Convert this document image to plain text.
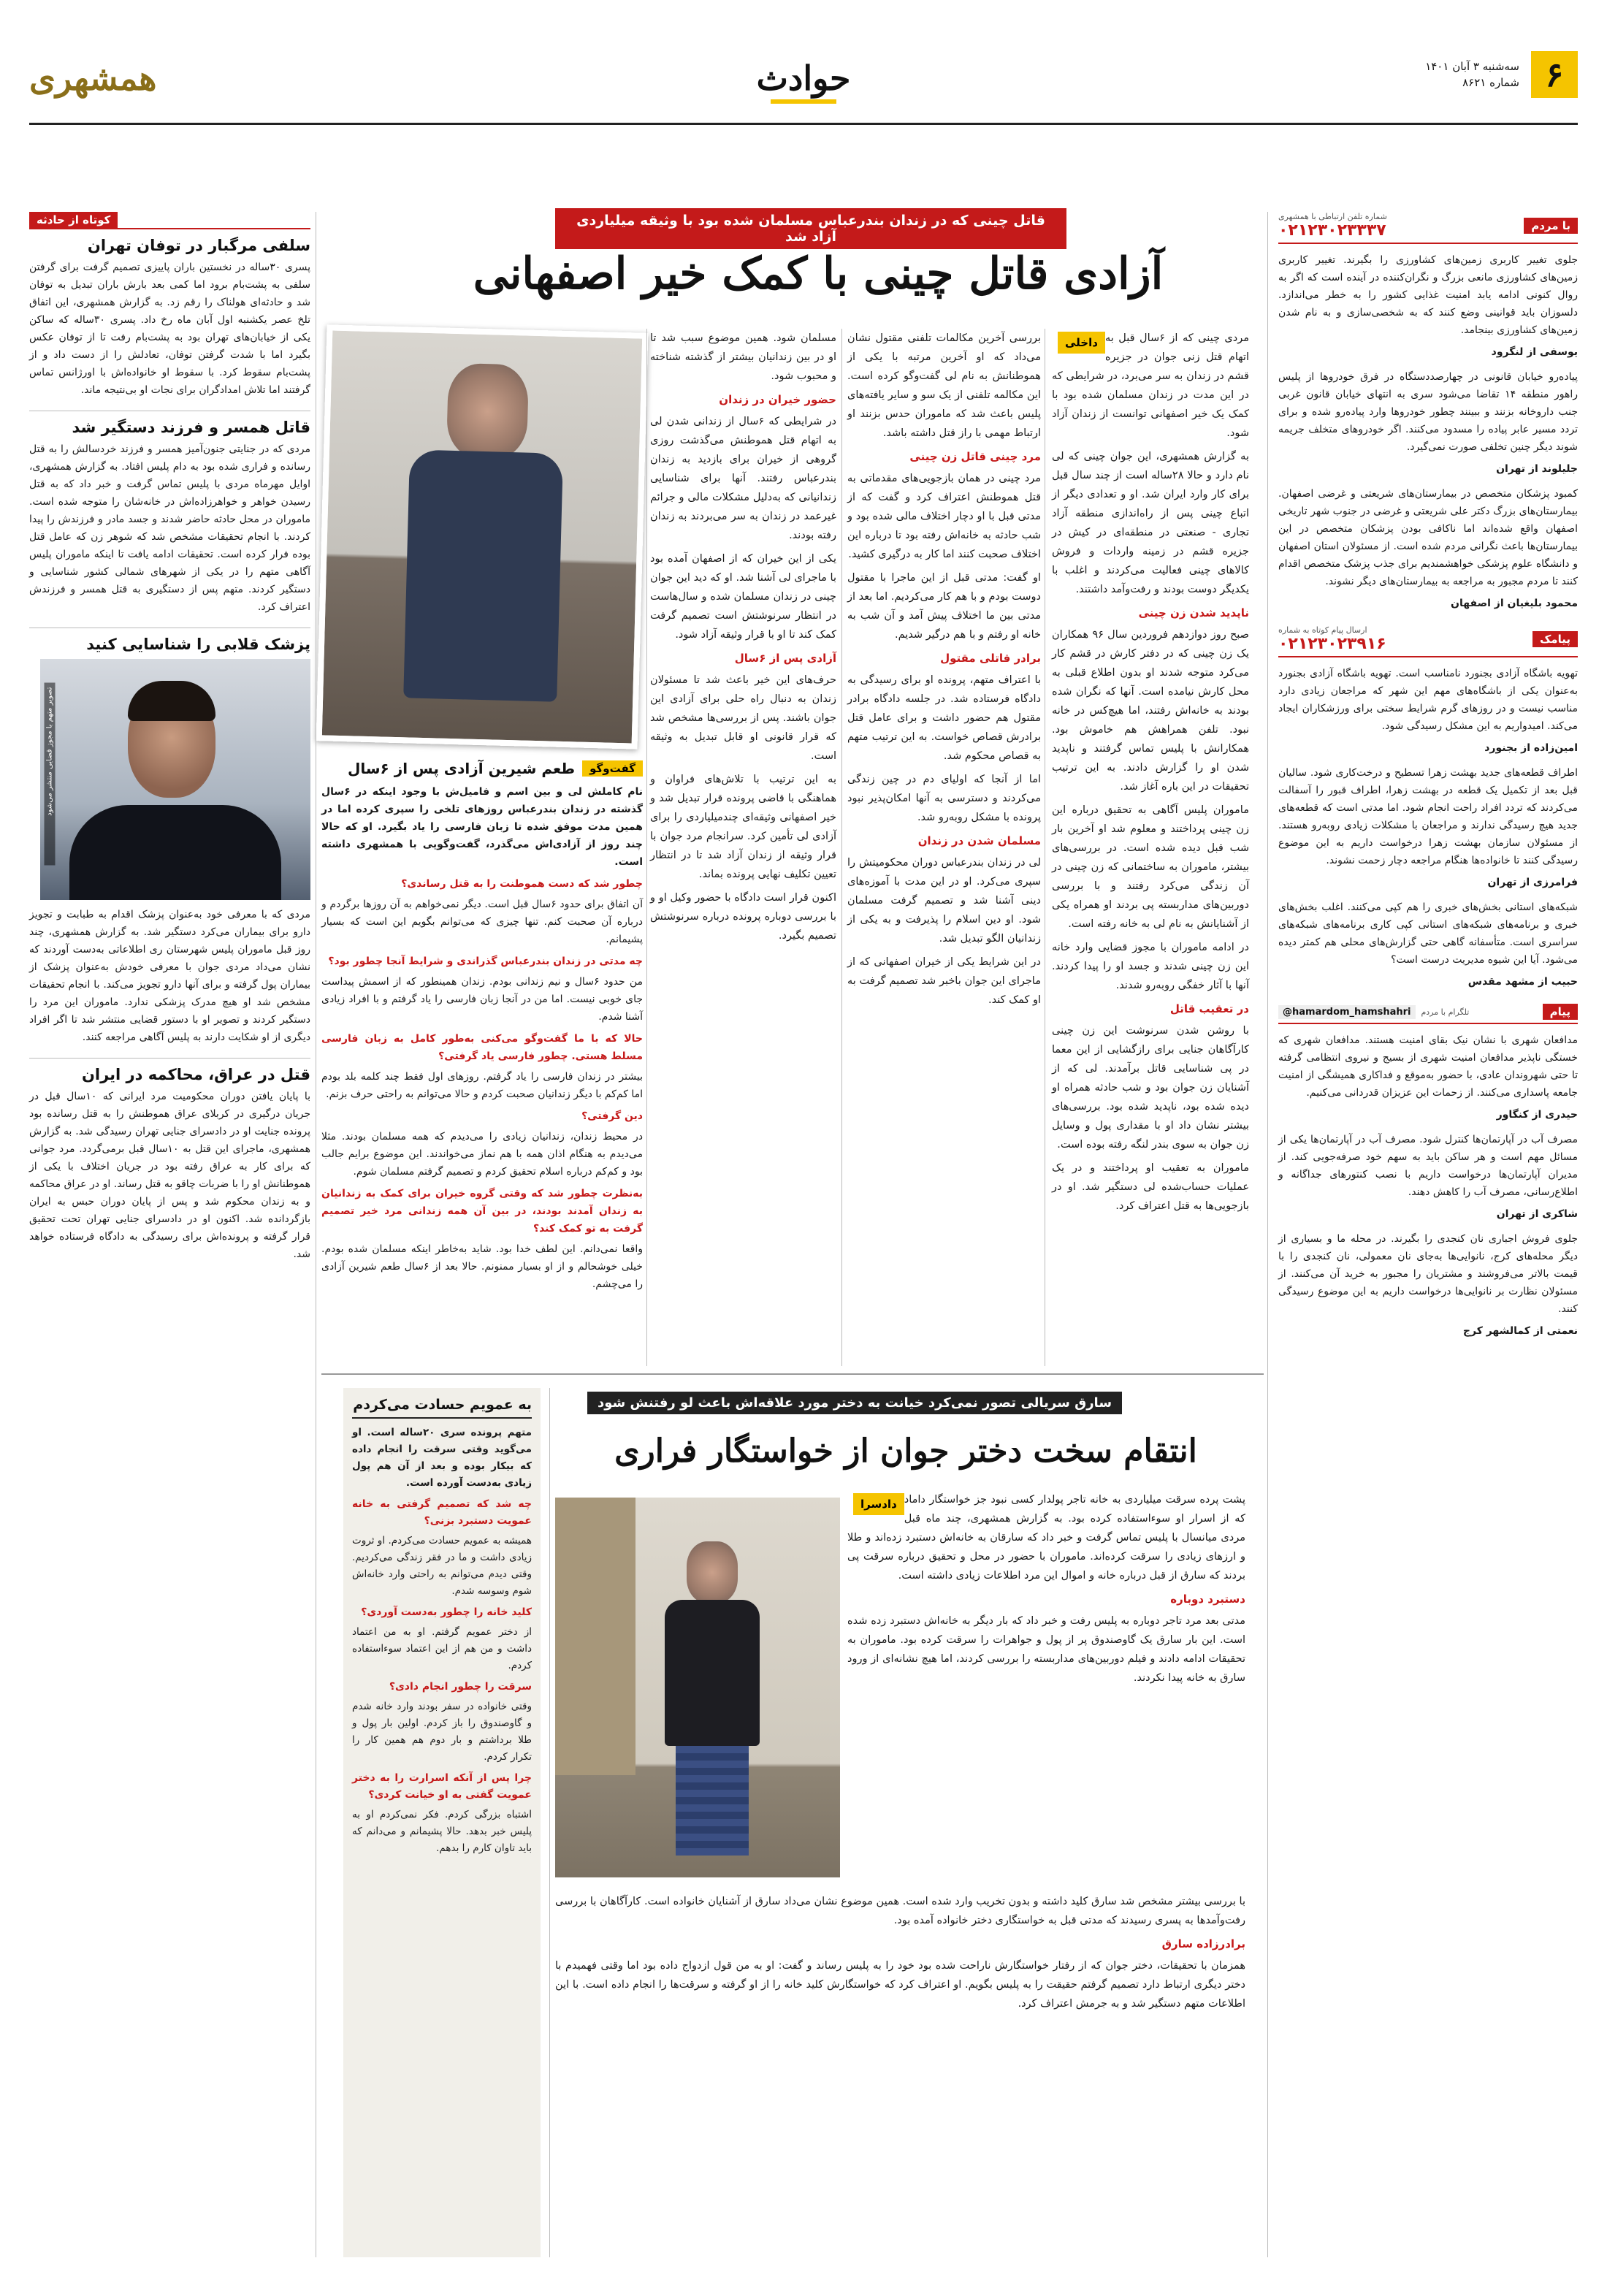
۶
سه‌شنبه ۳ آبان ۱۴۰۱
شماره ۸۶۲۱
حوادث
همشهری
با مردم
شماره تلفن ارتباطی با همشهری
۰۲۱۲۳۰۲۳۳۳۷

جلوی تغییر کاربری زمین‌های کشاورزی را بگیرند. تغییر کاربری زمین‌های کشاورزی مانعی بزرگ و نگران‌کننده در آینده است که اگر به روال کنونی ادامه یابد امنیت غذایی کشور را به خطر می‌اندازد. دلسوزان باید قوانینی وضع کنند که به شخصی‌سازی و به نام شدن زمین‌های کشاورزی بینجامد.

یوسفی از لنگرود

پیاده‌رو خیابان قانونی در چهارصددستگاه در فرق خودروها از پلیس راهور منطقه ۱۴ تقاضا می‌شود سری به انتهای خیابان قانون غربی جنب دارو‌خانه بزنند و ببینند چطور خودروها وارد پیاده‌رو شده و برای تردد مسیر عابر پیاده را مسدود می‌کنند. اگر خودروهای متخلف جریمه شوند دیگر چنین تخلفی صورت نمی‌گیرد.

جلیلوند از تهران

کمبود پزشکان متخصص در بیمارستان‌های شریعتی و غرضی اصفهان. بیمارستان‌های بزرگ دکتر علی شریعتی و غرضی در جنوب شهر تاریخی اصفهان واقع شده‌اند اما ناکافی بودن پزشکان متخصص در این بیمارستان‌ها باعث نگرانی مردم شده است. از مسئولان استان اصفهان و دانشگاه علوم پزشکی خواهشمندیم برای جذب پزشک متخصص اقدام کنند تا مردم مجبور به مراجعه به بیمارستان‌های دیگر نشوند.

محمود بلیغیان از اصفهان
پیامک
ارسال پیام کوتاه به شماره
۰۲۱۲۳۰۲۳۹۱۶

تهویه باشگاه آزادی بجنورد نامناسب است. تهویه باشگاه آزادی بجنورد به‌عنوان یکی از باشگاه‌های مهم این شهر که مراجعان زیادی دارد مناسب نیست و در روزهای گرم شرایط سختی برای ورزشکاران ایجاد می‌کند. امیدواریم به این مشکل رسیدگی شود.

امین‌زاده از بجنورد

اطراف قطعه‌های جدید بهشت زهرا تسطیح و درخت‌کاری شود. سالیان قبل بعد از تکمیل یک قطعه در بهشت زهرا، اطراف قبور را آسفالت می‌کردند که تردد افراد راحت انجام شود. اما مدتی است که قطعه‌های جدید هیچ رسیدگی ندارند و مراجعان با مشکلات زیادی روبه‌رو هستند. از مسئولان سازمان بهشت زهرا درخواست داریم به این موضوع رسیدگی کنند تا خانواده‌ها هنگام مراجعه دچار زحمت نشوند.

فرامرزی از تهران

شبکه‌های استانی بخش‌های خبری را هم کپی می‌کنند. اغلب بخش‌های خبری و برنامه‌های شبکه‌های استانی کپی کاری برنامه‌های شبکه‌های سراسری است. متأسفانه گاهی حتی گزارش‌های محلی هم کمتر دیده می‌شود. آیا این شیوه مدیریت درست است؟

حبیب از مشهد مقدس
پیام
تلگرام با مردم
@hamardom_hamshahri

مدافعان شهری با نشان نیک بقای امنیت هستند. مدافعان شهری که خستگی ناپذیر مدافعان امنیت شهری از بسیج و نیروی انتظامی گرفته تا حتی شهروندان عادی، با حضور به‌موقع و فداکاری همیشگی از امنیت جامعه پاسداری می‌کنند. از زحمات این عزیزان قدردانی می‌کنیم.

حیدری از کنگاور

مصرف آب در آپارتمان‌ها کنترل شود. مصرف آب در آپارتمان‌ها یکی از مسائل مهم است و هر ساکن باید به سهم خود صرفه‌جویی کند. از مدیران آپارتمان‌ها درخواست داریم با نصب کنتورهای جداگانه و اطلاع‌رسانی، مصرف آب را کاهش دهند.

شاکری از تهران

جلوی فروش اجباری نان کنجدی را بگیرند. در محله ما و بسیاری از دیگر محله‌های کرج، نانوایی‌ها به‌جای نان معمولی، نان کنجدی را با قیمت بالاتر می‌فروشند و مشتریان را مجبور به خرید آن می‌کنند. از مسئولان نظارت بر نانوایی‌ها درخواست داریم به این موضوع رسیدگی کنند.

نعمتی از کمالشهر کرج
قاتل چینی که در زندان بندرعباس مسلمان شده بود با وثیقه میلیاردی آزاد شد
آزادی قاتل چینی با کمک خیر اصفهانی
داخلی مردی چینی که از ۶سال قبل به اتهام قتل زنی جوان در جزیره قشم در زندان به سر می‌برد، در شرایطی که در این مدت در زندان مسلمان شده بود با کمک یک خیر اصفهانی توانست از زندان آزاد شود.

به گزارش همشهری، این جوان چینی که لی نام دارد و حالا ۲۸ساله است از چند سال قبل برای کار وارد ایران شد. او و تعدادی دیگر از اتباع چینی پس از راه‌اندازی منطقه آزاد تجاری - صنعتی در منطقه‌ای در کیش در جزیره قشم در زمینه واردات و فروش کالاهای چینی فعالیت می‌کردند و اغلب با یکدیگر دوست بودند و رفت‌وآمد داشتند.

ناپدید شدن زن چینی

صبح روز دوازدهم فروردین سال ۹۶ همکاران یک زن چینی که در دفتر کارش در قشم کار می‌کرد متوجه شدند او بدون اطلاع قبلی به محل کارش نیامده است. آنها که نگران شده بودند به خانه‌اش رفتند، اما هیچ‌کس در خانه نبود. تلفن همراهش هم خاموش بود. همکارانش با پلیس تماس گرفتند و ناپدید شدن او را گزارش دادند. به این ترتیب تحقیقات در این باره آغاز شد.

ماموران پلیس آگاهی به تحقیق درباره این زن چینی پرداختند و معلوم شد او آخرین بار شب قبل دیده شده است. در بررسی‌های بیشتر، ماموران به ساختمانی که زن چینی در آن زندگی می‌کرد رفتند و با بررسی دوربین‌های مداربسته پی بردند او همراه یکی از آشنایانش به نام لی به خانه رفته است.

در ادامه ماموران با مجوز قضایی وارد خانه این زن چینی شدند و جسد او را پیدا کردند. آنها با آثار خفگی روبه‌رو شدند.

در تعقیب قاتل

با روشن شدن سرنوشت این زن چینی کارآگاهان جنایی برای رازگشایی از این معما در پی شناسایی قاتل برآمدند. لی که از آشنایان زن جوان بود و شب حادثه همراه او دیده شده بود، ناپدید شده بود. بررسی‌های بیشتر نشان داد او با مقداری پول و وسایل زن جوان به سوی بندر لنگه رفته بوده است.

ماموران به تعقیب او پرداختند و در یک عملیات حساب‌شده لی دستگیر شد. او در بازجویی‌ها به قتل اعتراف کرد.

بررسی آخرین مکالمات تلفنی مقتول نشان می‌داد که او آخرین مرتبه با یکی از هموطنانش به نام لی گفت‌وگو کرده است. این مکالمه تلفنی از یک سو و سایر یافته‌های پلیس باعث شد که ماموران حدس بزنند او ارتباط مهمی با راز قتل داشته باشد.

مرد چینی قاتل زن چینی

مرد چینی در همان بازجویی‌های مقدماتی به قتل هموطنش اعتراف کرد و گفت که از مدتی قبل با او دچار اختلاف مالی شده بود و شب حادثه به خانه‌اش رفته بود تا درباره این اختلاف صحبت کنند اما کار به درگیری کشید.

او گفت: مدتی قبل از این ماجرا با مقتول دوست بودم و با هم کار می‌کردیم. اما بعد از مدتی بین ما اختلاف پیش آمد و آن شب به خانه او رفتم و با هم درگیر شدیم.

برادر قاتلی مقتول

با اعتراف متهم، پرونده او برای رسیدگی به دادگاه فرستاده شد. در جلسه دادگاه برادر مقتول هم حضور داشت و برای عامل قتل برادرش قصاص خواست. به این ترتیب متهم به قصاص محکوم شد.

اما از آنجا که اولیای دم در چین زندگی می‌کردند و دسترسی به آنها امکان‌پذیر نبود پرونده با مشکل روبه‌رو شد.

مسلمان شدن در زندان

لی در زندان بندرعباس دوران محکومیتش را سپری می‌کرد. او در این مدت با آموزه‌های دینی آشنا شد و تصمیم گرفت مسلمان شود. او دین اسلام را پذیرفت و به یکی از زندانیان الگو تبدیل شد.

در این شرایط یکی از خیران اصفهانی که از ماجرای این جوان باخبر شد تصمیم گرفت به او کمک کند.

مسلمان شود. همین موضوع سبب شد تا او در بین زندانیان بیشتر از گذشته شناخته و محبوب شود.

حضور خیران در زندان

در شرایطی که ۶سال از زندانی شدن لی به اتهام قتل هموطنش می‌گذشت روزی گروهی از خیران برای بازدید به زندان بندرعباس رفتند. آنها برای شناسایی زندانیانی که به‌دلیل مشکلات مالی و جرائم غیرعمد در زندان به سر می‌بردند به زندان رفته بودند.

یکی از این خیران که از اصفهان آمده بود با ماجرای لی آشنا شد. او که دید این جوان چینی در زندان مسلمان شده و سال‌هاست در انتظار سرنوشتش است تصمیم گرفت کمک کند تا او با قرار وثیقه آزاد شود.

آزادی پس از ۶سال

حرف‌های این خیر باعث شد تا مسئولان زندان به دنبال راه حلی برای آزادی این جوان باشند. پس از بررسی‌ها مشخص شد که قرار قانونی او قابل تبدیل به وثیقه است.

به این ترتیب با تلاش‌های فراوان و هماهنگی با قاضی پرونده قرار تبدیل شد و خیر اصفهانی وثیقه‌ای چندمیلیاردی را برای آزادی لی تأمین کرد. سرانجام مرد جوان با قرار وثیقه از زندان آزاد شد تا در انتظار تعیین تکلیف نهایی پرونده بماند.

اکنون قرار است دادگاه با حضور وکیل او و با بررسی دوباره پرونده درباره سرنوشتش تصمیم بگیرد.

گفت‌وگو
طعم شیرین آزادی پس از ۶سال

نام کاملش لی و بین اسم و فامیل‌ش با وجود اینکه در ۶سال گذشته در زندان بندرعباس روزهای تلخی را سپری کرده اما در همین مدت موفق شده تا زبان فارسی را یاد بگیرد. او که حالا چند روز از آزادی‌اش می‌گذرد، گفت‌وگویی با همشهری داشته است.

چطور شد که دست هموطنت را به قتل رساندی؟

آن اتفاق برای حدود ۶سال قبل است. دیگر نمی‌خواهم به آن روزها برگردم و درباره آن صحبت کنم. تنها چیزی که می‌توانم بگویم این است که بسیار پشیمانم.

چه مدتی در زندان بندرعباس گذراندی و شرایط آنجا چطور بود؟

من حدود ۶سال و نیم زندانی بودم. زندان همینطور که از اسمش پیداست جای خوبی نیست. اما من در آنجا زبان فارسی را یاد گرفتم و با افراد زیادی آشنا شدم.

حالا که با ما گفت‌وگو می‌کنی به‌طور کامل به زبان فارسی مسلط هستی. چطور فارسی یاد گرفتی؟

بیشتر در زندان فارسی را یاد گرفتم. روزهای اول فقط چند کلمه بلد بودم اما کم‌کم با دیگر زندانیان صحبت کردم و حالا می‌توانم به راحتی حرف بزنم.

دین گرفتی؟

در محیط زندان، زندانیان زیادی را می‌دیدم که همه مسلمان بودند. مثلا می‌دیدم به هنگام اذان همه با هم نماز می‌خواندند. این موضوع برایم جالب بود و کم‌کم درباره اسلام تحقیق کردم و تصمیم گرفتم مسلمان شوم.

به‌نظرت چطور شد که وقتی گروه خیران برای کمک به زندانیان به زندان آمدند بودند، در بین آن همه زندانی مرد خیر تصمیم گرفت به تو کمک کند؟

واقعا نمی‌دانم. این لطف خدا بود. شاید به‌خاطر اینکه مسلمان شده بودم. خیلی خوشحالم و از او بسیار ممنونم. حالا بعد از ۶سال طعم شیرین آزادی را می‌چشم.

سارق سریالی تصور نمی‌کرد خیانت به دختر مورد علاقه‌اش باعث لو رفتنش شود
انتقام سخت دختر جوان از خواستگار فراری
دادسرا پشت پرده سرقت میلیاردی به خانه تاجر پولدار کسی نبود جز خواستگار داماد که از اسرار او سوءاستفاده کرده بود. به گزارش همشهری، چند ماه قبل مردی میانسال با پلیس تماس گرفت و خبر داد که سارقان به خانه‌اش دستبرد زده‌اند و طلا و ارزهای زیادی را سرقت کرده‌اند. ماموران با حضور در محل و تحقیق درباره سرقت پی بردند که سارق از قبل درباره خانه و اموال این مرد اطلاعات زیادی داشته است.

دستبرد دوباره

مدتی بعد مرد تاجر دوباره به پلیس رفت و خبر داد که بار دیگر به خانه‌اش دستبرد زده شده است. این بار سارق یک گاوصندوق پر از پول و جواهرات را سرقت کرده بود. ماموران به تحقیقات ادامه دادند و فیلم دوربین‌های مداربسته را بررسی کردند، اما هیچ نشانه‌ای از ورود سارق به خانه پیدا نکردند.

با بررسی بیشتر مشخص شد سارق کلید داشته و بدون تخریب وارد شده است. همین موضوع نشان می‌داد سارق از آشنایان خانواده است. کارآگاهان با بررسی رفت‌وآمدها به پسری رسیدند که مدتی قبل به خواستگاری دختر خانواده آمده بود.

برادرزاده سارق

همزمان با تحقیقات، دختر جوان که از رفتار خواستگارش ناراحت شده بود خود را به پلیس رساند و گفت: او به من قول ازدواج داده بود اما وقتی فهمیدم با دختر دیگری ارتباط دارد تصمیم گرفتم حقیقت را به پلیس بگویم. او اعتراف کرد که خواستگارش کلید خانه را از او گرفته و سرقت‌ها را انجام داده است. با این اطلاعات متهم دستگیر شد و به جرمش اعتراف کرد.

به عمویم حسادت می‌کردم

متهم پرونده سری ۲۰ساله است. او می‌گوید وقتی سرقت را انجام داده که بیکار بوده و بعد از آن هم پول زیادی به‌دست آورده است.

چه شد که تصمیم گرفتی به خانه عمویت دستبرد بزنی؟

همیشه به عمویم حسادت می‌کردم. او ثروت زیادی داشت و ما در فقر زندگی می‌کردیم. وقتی دیدم می‌توانم به راحتی وارد خانه‌اش شوم وسوسه شدم.

کلید خانه را چطور به‌دست آوردی؟

از دختر عمویم گرفتم. او به من اعتماد داشت و من هم از این اعتماد سوءاستفاده کردم.

سرقت را چطور انجام دادی؟

وقتی خانواده در سفر بودند وارد خانه شدم و گاوصندوق را باز کردم. اولین بار پول و طلا برداشتم و بار دوم هم همین کار را تکرار کردم.

چرا پس از آنکه اسرارت را به دختر عمویت گفتی به او خیانت کردی؟

اشتباه بزرگی کردم. فکر نمی‌کردم او به پلیس خبر بدهد. حالا پشیمانم و می‌دانم که باید تاوان کارم را بدهم.

کوتاه از حادثه
سلفی مرگبار در توفان تهران

پسری ۳۰ساله در نخستین باران پاییزی تصمیم گرفت برای گرفتن سلفی به پشت‌بام برود اما کمی بعد بارش باران تبدیل به توفان شد و حادثه‌ای هولناک را رقم زد. به گزارش همشهری، این اتفاق تلخ عصر یکشنبه اول آبان ماه رخ داد. پسری ۳۰ساله که ساکن یکی از خیابان‌های تهران بود به پشت‌بام رفت تا از توفان عکس بگیرد اما با شدت گرفتن توفان، تعادلش را از دست داد و از پشت‌بام سقوط کرد. با سقوط او خانواده‌اش با اورژانس تماس گرفتند اما تلاش امدادگران برای نجات او بی‌نتیجه ماند.

قاتل همسر و فرزند دستگیر شد

مردی که در جنایتی جنون‌آمیز همسر و فرزند خردسالش را به قتل رسانده و فراری شده بود به دام پلیس افتاد. به گزارش همشهری، اوایل مهرماه مردی با پلیس تماس گرفت و خبر داد که به قتل رسیدن خواهر و خواهرزاده‌اش در خانه‌شان را متوجه شده است. ماموران در محل حادثه حاضر شدند و جسد مادر و فرزندش را پیدا کردند. با انجام تحقیقات مشخص شد که شوهر زن که عامل قتل بوده فرار کرده است. تحقیقات ادامه یافت تا اینکه ماموران پلیس آگاهی متهم را در یکی از شهرهای شمالی کشور شناسایی و دستگیر کردند. متهم پس از دستگیری به قتل همسر و فرزندش اعتراف کرد.

پزشک قلابی را شناسایی کنید
تصویر متهم با مجوز قضایی منتشر می‌شود

مردی که با معرفی خود به‌عنوان پزشک اقدام به طبابت و تجویز دارو برای بیماران می‌کرد دستگیر شد. به گزارش همشهری، چند روز قبل ماموران پلیس شهرستان ری اطلاعاتی به‌دست آوردند که نشان می‌داد مردی جوان با معرفی خودش به‌عنوان پزشک از بیماران پول گرفته و برای آنها دارو تجویز می‌کند. با انجام تحقیقات مشخص شد او هیچ مدرک پزشکی ندارد. ماموران این مرد را دستگیر کردند و تصویر او با دستور قضایی منتشر شد تا اگر افراد دیگری از او شکایت دارند به پلیس آگاهی مراجعه کنند.

قتل در عراق، محاکمه در ایران

با پایان یافتن دوران محکومیت مرد ایرانی که ۱۰سال قبل در جریان درگیری در کربلای عراق هموطنش را به قتل رسانده بود پرونده جنایت او در دادسرای جنایی تهران رسیدگی شد. به گزارش همشهری، ماجرای این قتل به ۱۰سال قبل برمی‌گردد. مرد جوانی که برای کار به عراق رفته بود در جریان اختلاف با یکی از هموطنانش او را با ضربات چاقو به قتل رساند. او در عراق محاکمه و به زندان محکوم شد و پس از پایان دوران حبس به ایران بازگردانده شد. اکنون او در دادسرای جنایی تهران تحت تحقیق قرار گرفته و پرونده‌اش برای رسیدگی به دادگاه فرستاده خواهد شد.
